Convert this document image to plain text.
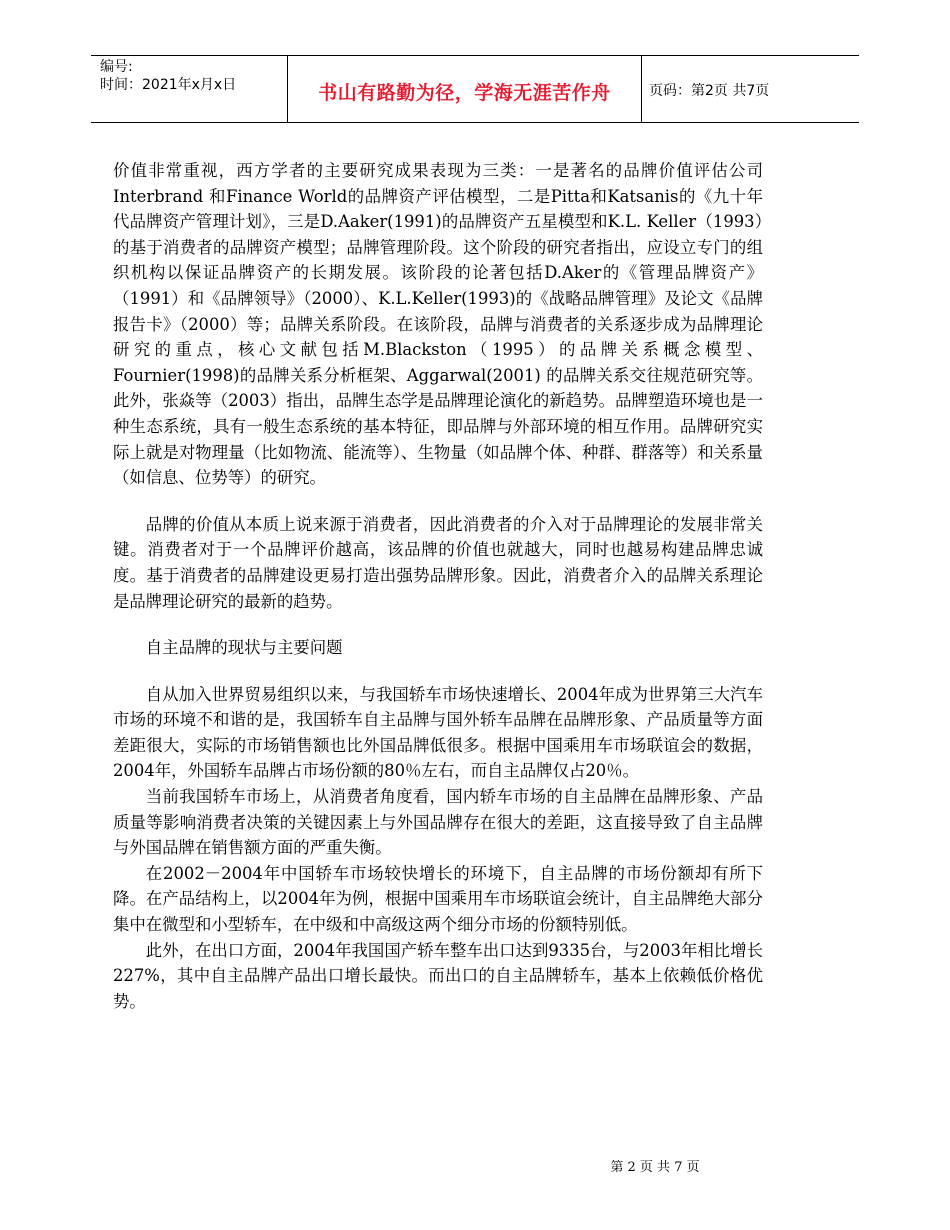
编号:
时间：2021年x月x日	书山有路勤为径，学海无涯苦作舟	页码：第2页 共7页

价值非常重视，西方学者的主要研究成果表现为三类：一是著名的品牌价值评估公司Interbrand 和Finance World的品牌资产评估模型，二是Pitta和Katsanis的《九十年代品牌资产管理计划》，三是D.Aaker(1991)的品牌资产五星模型和K.L. Keller（1993）的基于消费者的品牌资产模型；品牌管理阶段。这个阶段的研究者指出，应设立专门的组织机构以保证品牌资产的长期发展。该阶段的论著包括D.Aker的《管理品牌资产》（1991）和《品牌领导》（2000）、K.L.Keller(1993)的《战略品牌管理》及论文《品牌报告卡》（2000）等；品牌关系阶段。在该阶段，品牌与消费者的关系逐步成为品牌理论研究的重点，核心文献包括M.Blackston（1995）的品牌关系概念模型、Fournier(1998)的品牌关系分析框架、Aggarwal(2001) 的品牌关系交往规范研究等。此外，张焱等（2003）指出，品牌生态学是品牌理论演化的新趋势。品牌塑造环境也是一种生态系统，具有一般生态系统的基本特征，即品牌与外部环境的相互作用。品牌研究实际上就是对物理量（比如物流、能流等）、生物量（如品牌个体、种群、群落等）和关系量（如信息、位势等）的研究。

品牌的价值从本质上说来源于消费者，因此消费者的介入对于品牌理论的发展非常关键。消费者对于一个品牌评价越高，该品牌的价值也就越大，同时也越易构建品牌忠诚度。基于消费者的品牌建设更易打造出强势品牌形象。因此，消费者介入的品牌关系理论是品牌理论研究的最新的趋势。

自主品牌的现状与主要问题

自从加入世界贸易组织以来，与我国轿车市场快速增长、2004年成为世界第三大汽车市场的环境不和谐的是，我国轿车自主品牌与国外轿车品牌在品牌形象、产品质量等方面差距很大，实际的市场销售额也比外国品牌低很多。根据中国乘用车市场联谊会的数据，2004年，外国轿车品牌占市场份额的80％左右，而自主品牌仅占20％。

当前我国轿车市场上，从消费者角度看，国内轿车市场的自主品牌在品牌形象、产品质量等影响消费者决策的关键因素上与外国品牌存在很大的差距，这直接导致了自主品牌与外国品牌在销售额方面的严重失衡。

在2002－2004年中国轿车市场较快增长的环境下，自主品牌的市场份额却有所下降。在产品结构上，以2004年为例，根据中国乘用车市场联谊会统计，自主品牌绝大部分集中在微型和小型轿车，在中级和中高级这两个细分市场的份额特别低。

此外，在出口方面，2004年我国国产轿车整车出口达到9335台，与2003年相比增长227%，其中自主品牌产品出口增长最快。而出口的自主品牌轿车，基本上依赖低价格优势。

第 2 页 共 7 页
